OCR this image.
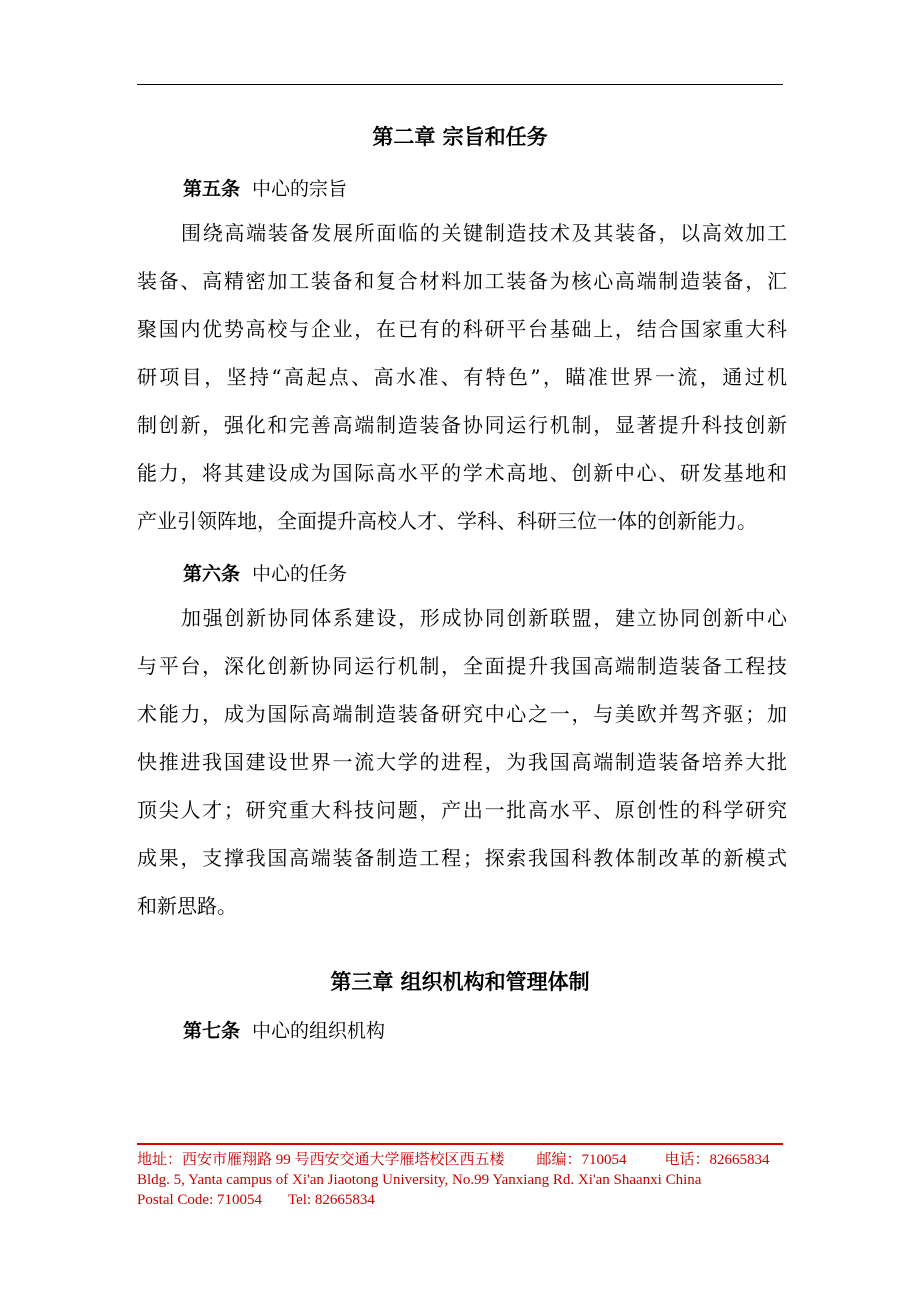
第二章 宗旨和任务
第五条 中心的宗旨
围绕高端装备发展所面临的关键制造技术及其装备，以高效加工
装备、高精密加工装备和复合材料加工装备为核心高端制造装备，汇
聚国内优势高校与企业，在已有的科研平台基础上，结合国家重大科
研项目，坚持“高起点、高水准、有特色”，瞄准世界一流，通过机
制创新，强化和完善高端制造装备协同运行机制，显著提升科技创新
能力，将其建设成为国际高水平的学术高地、创新中心、研发基地和
产业引领阵地，全面提升高校人才、学科、科研三位一体的创新能力。
第六条 中心的任务
加强创新协同体系建设，形成协同创新联盟，建立协同创新中心
与平台，深化创新协同运行机制，全面提升我国高端制造装备工程技
术能力，成为国际高端制造装备研究中心之一，与美欧并驾齐驱；加
快推进我国建设世界一流大学的进程，为我国高端制造装备培养大批
顶尖人才；研究重大科技问题，产出一批高水平、原创性的科学研究
成果，支撑我国高端装备制造工程；探索我国科教体制改革的新模式
和新思路。
第三章 组织机构和管理体制
第七条 中心的组织机构
地址：西安市雁翔路 99 号西安交通大学雁塔校区西五楼 邮编：710054	电话：82665834
Bldg. 5, Yanta campus of Xi'an Jiaotong University, No.99 Yanxiang Rd. Xi'an Shaanxi China
Postal Code: 710054 Tel: 82665834
